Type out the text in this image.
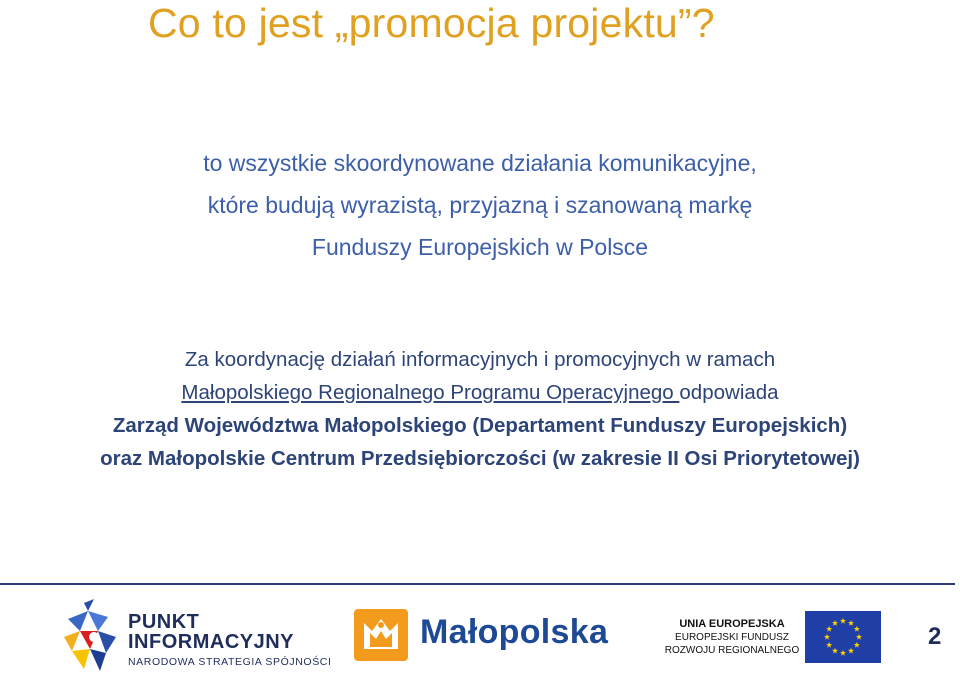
Co to jest „promocja projektu”?
to wszystkie skoordynowane działania komunikacyjne,
które budują wyrazistą, przyjazną i szanowaną markę
Funduszy Europejskich w Polsce
Za koordynację działań informacyjnych i promocyjnych w ramach
Małopolskiego Regionalnego Programu Operacyjnego odpowiada
Zarząd Województwa Małopolskiego (Departament Funduszy Europejskich)
oraz Małopolskie Centrum Przedsiębiorczości (w zakresie II Osi Priorytetowej)
PUNKT
INFORMACYJNY
NARODOWA STRATEGIA SPÓJNOŚCI
Małopolska	UNIA EUROPEJSKA
EUROPEJSKI FUNDUSZ
ROZWOJU REGIONALNEGO
2
